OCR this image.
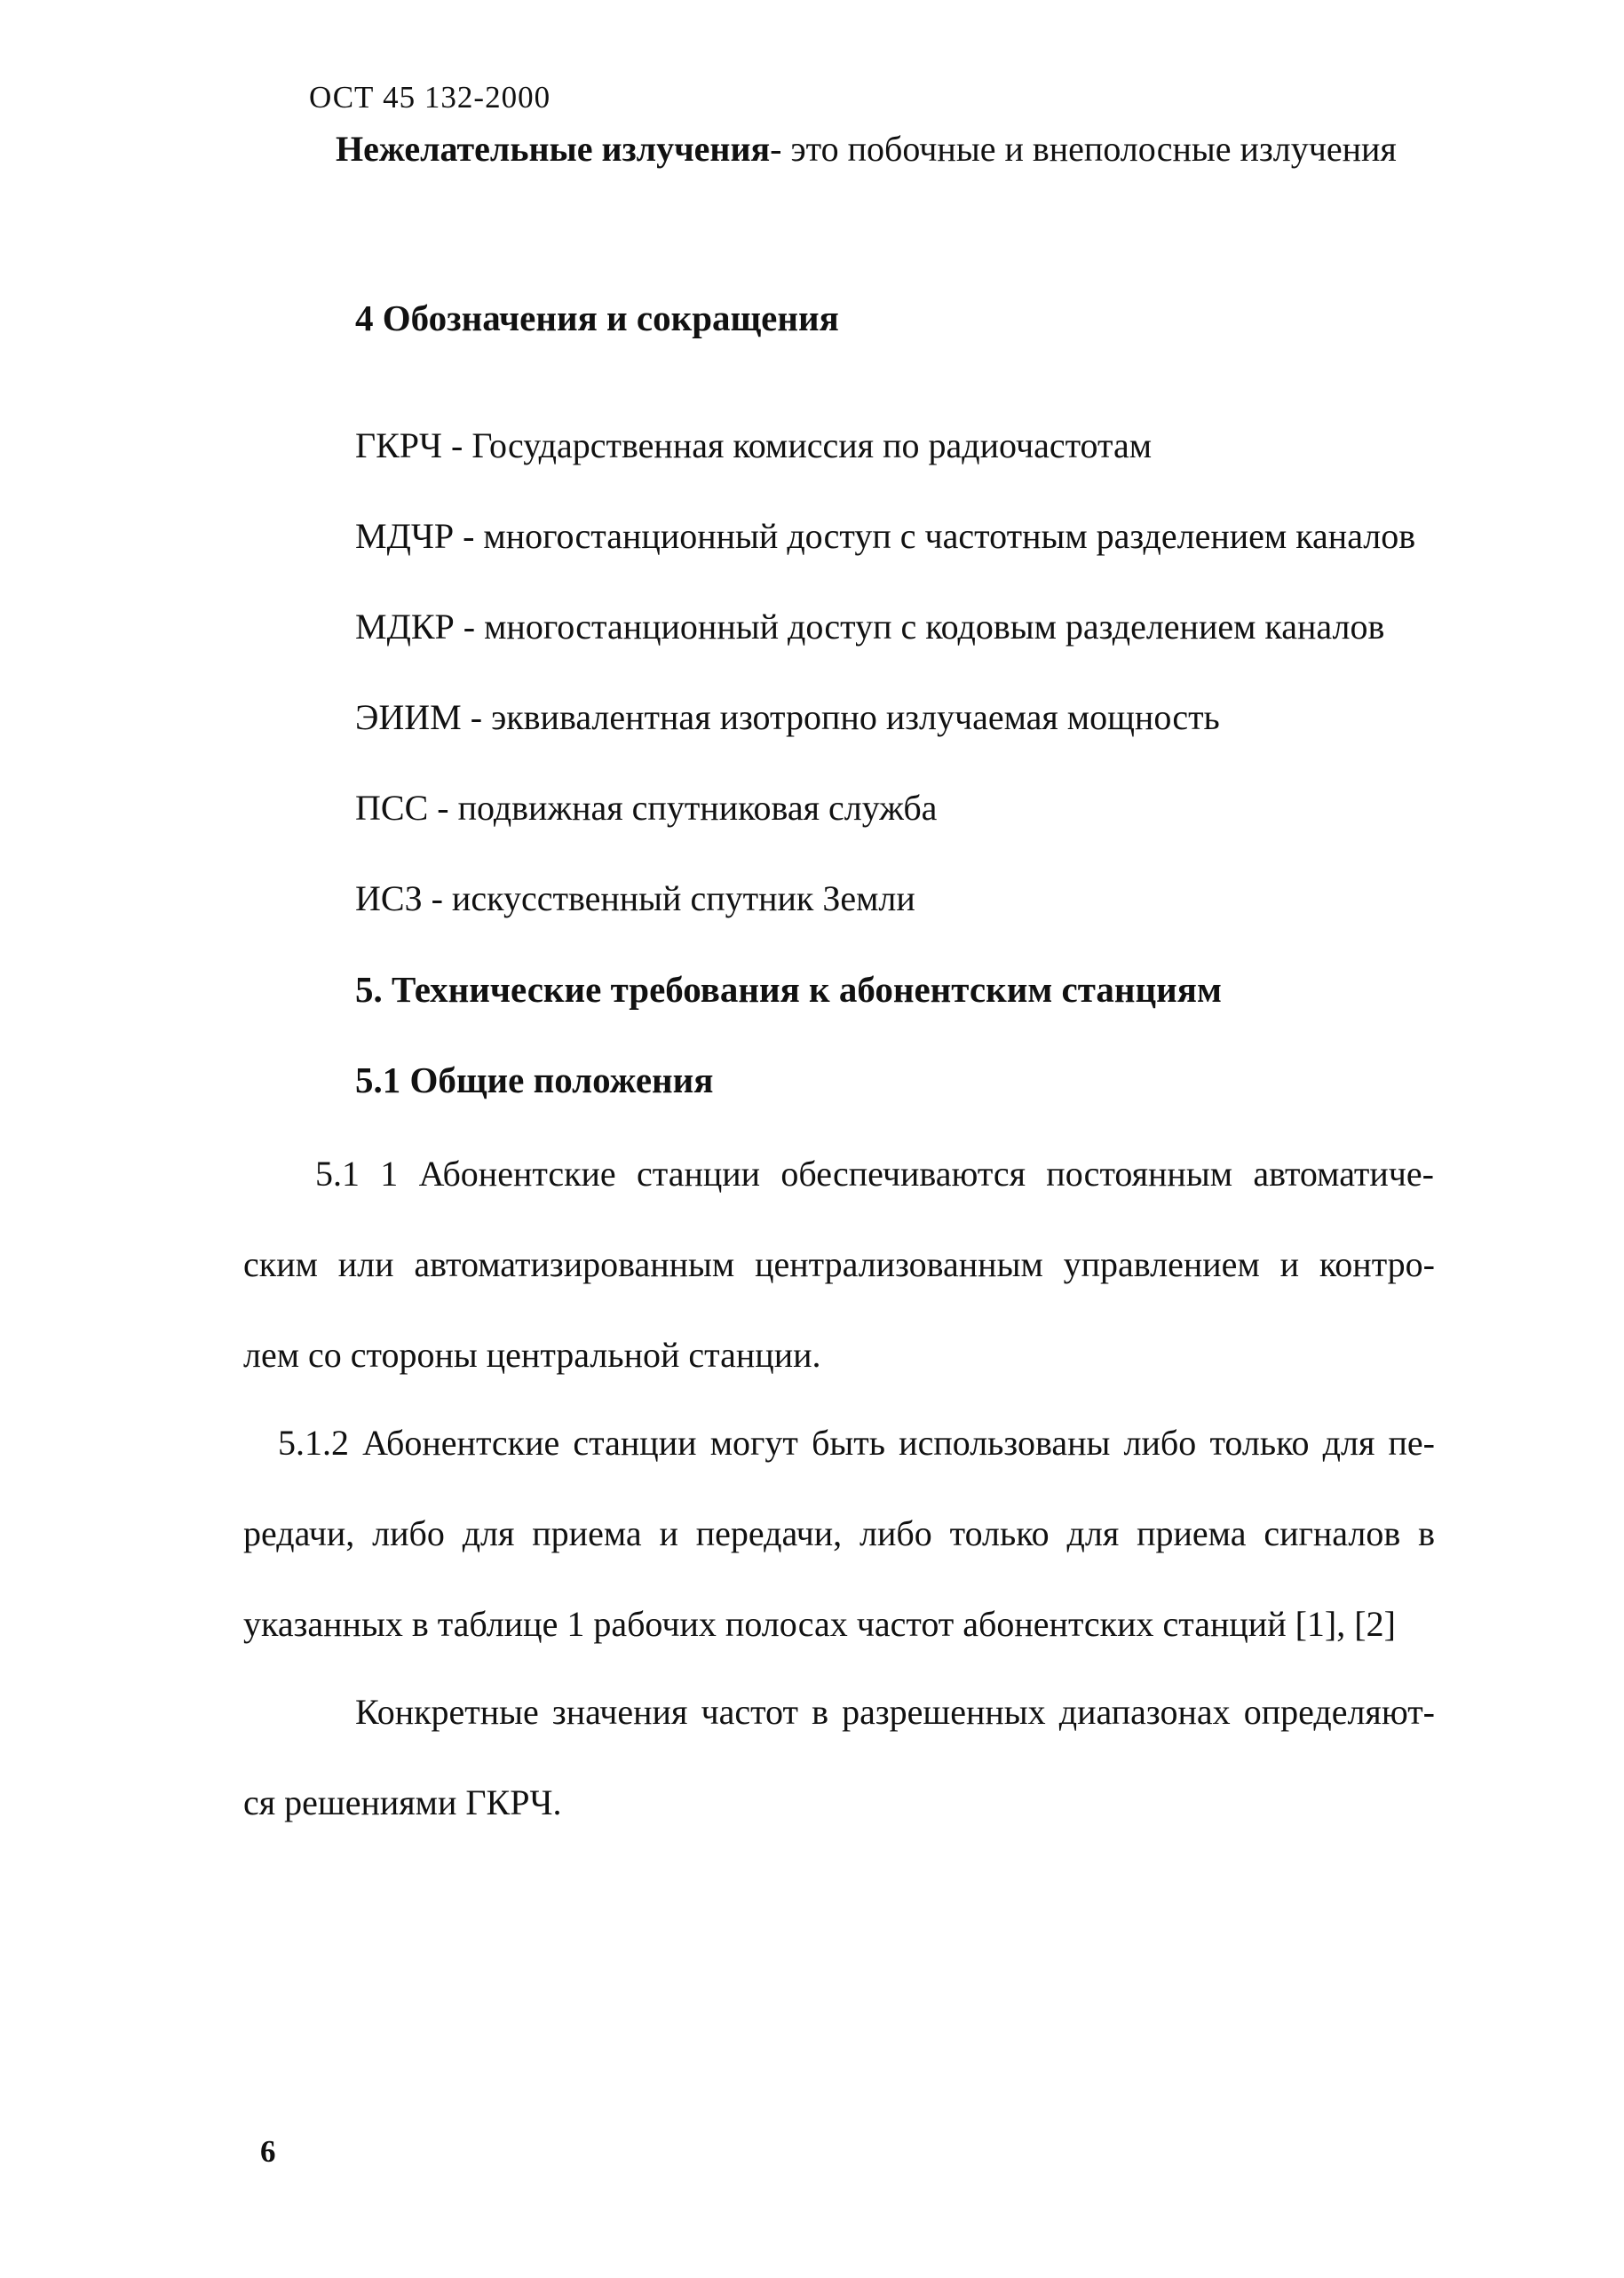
ОСТ 45 132-2000
Нежелательные излучения- это побочные и внеполосные излучения
4 Обозначения и сокращения
ГКРЧ - Государственная комиссия по радиочастотам
МДЧР - многостанционный доступ с частотным разделением каналов
МДКР - многостанционный доступ с кодовым разделением каналов
ЭИИМ - эквивалентная изотропно излучаемая мощность
ПСС - подвижная спутниковая служба
ИСЗ - искусственный спутник Земли
5. Технические требования к абонентским станциям
5.1 Общие положения
5.1 1 Абонентские станции обеспечиваются постоянным автоматиче-
ским или автоматизированным централизованным управлением и контро-
лем со стороны центральной станции.
5.1.2 Абонентские станции могут быть использованы либо только для пе-
редачи, либо для приема и передачи, либо только для приема сигналов в
указанных в таблице 1 рабочих полосах частот абонентских станций [1], [2]
Конкретные значения частот в разрешенных диапазонах определяют-
ся решениями ГКРЧ.
6
